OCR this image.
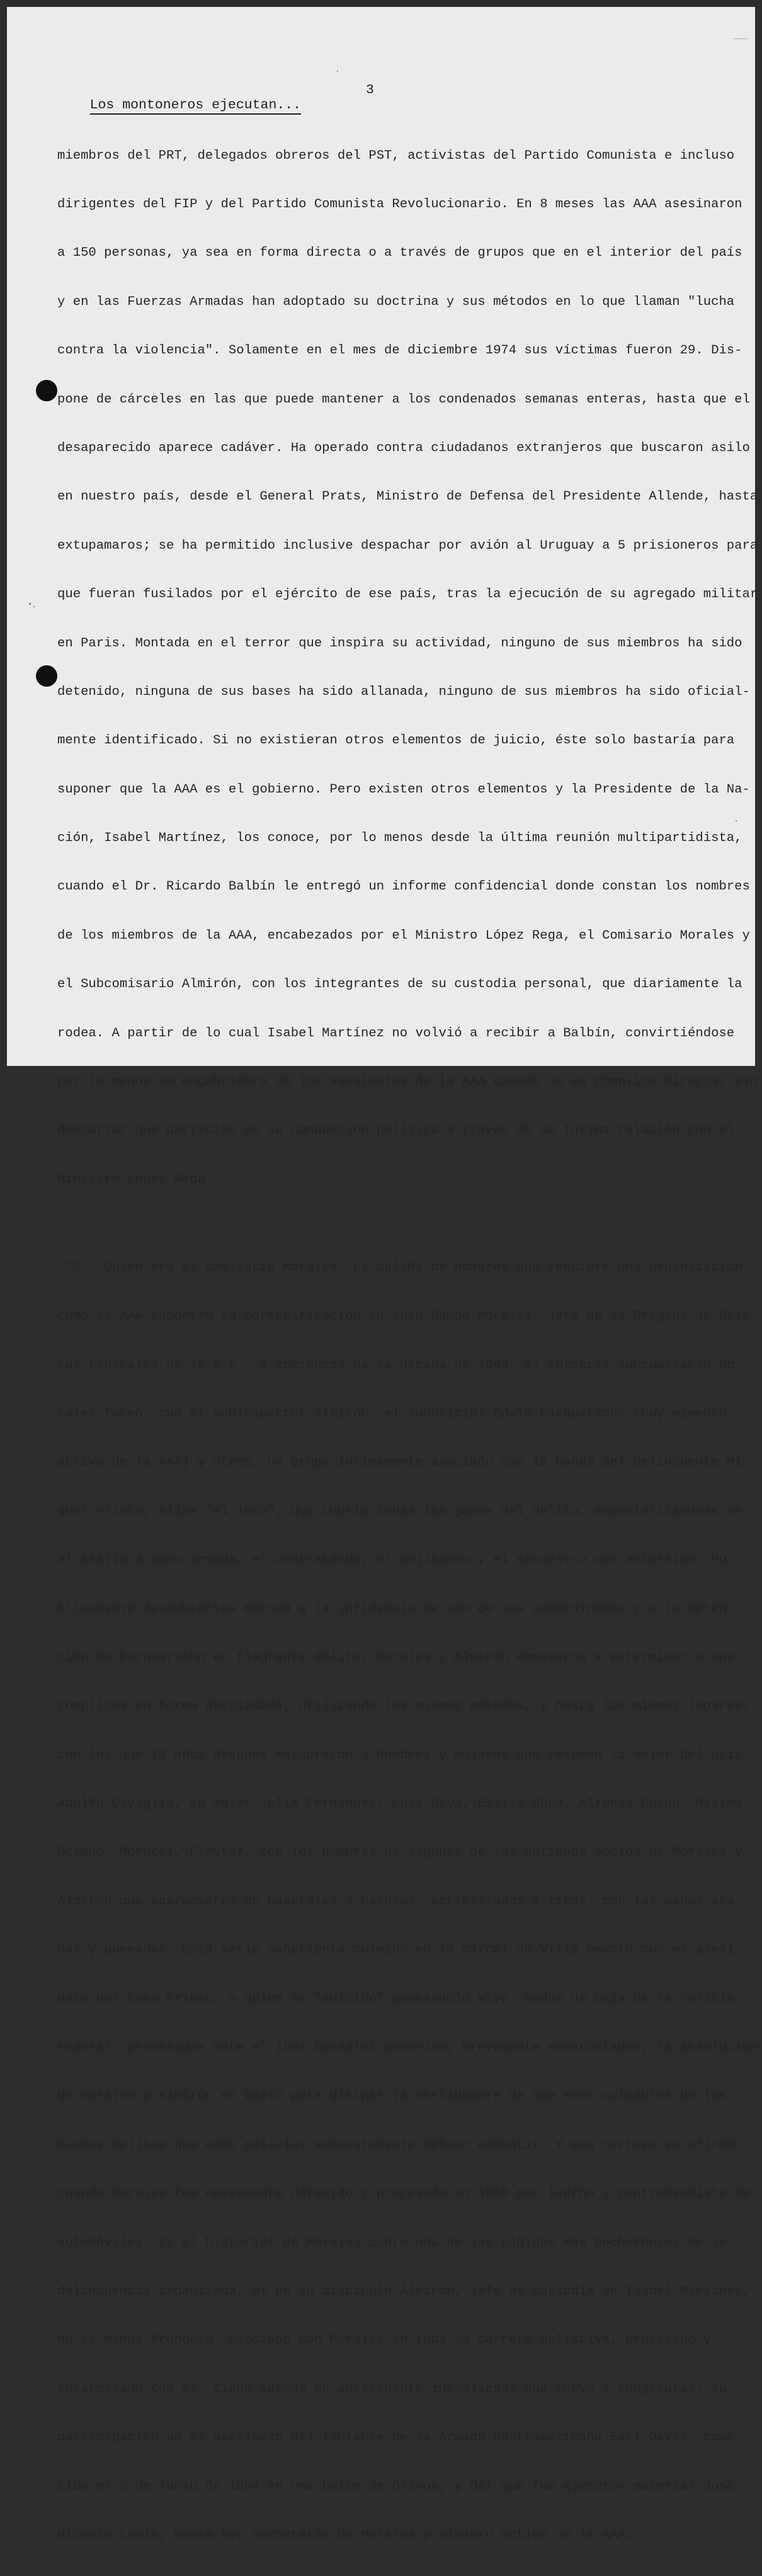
Los montoneros ejecutan...

3

miembros del PRT, delegados obreros del PST, activistas del Partido Comunista e incluso

dirigentes del FIP y del Partido Comunista Revolucionario. En 8 meses las AAA asesinaron

a 150 personas, ya sea en forma directa o a través de grupos que en el interior del país

y en las Fuerzas Armadas han adoptado su doctrina y sus métodos en lo que llaman "lucha

contra la violencia". Solamente en el mes de diciembre 1974 sus víctimas fueron 29. Dis-

pone de cárceles en las que puede mantener a los condenados semanas enteras, hasta que el

desaparecido aparece cadáver. Ha operado contra ciudadanos extranjeros que buscaron asilo

en nuestro país, desde el General Prats, Ministro de Defensa del Presidente Allende, hasta

extupamaros; se ha permitido inclusive despachar por avión al Uruguay a 5 prisioneros para

que fueran fusilados por el ejército de ese país, tras la ejecución de su agregado militar

en Paris. Montada en el terror que inspira su actividad, ninguno de sus miembros ha sido

detenido, ninguna de sus bases ha sido allanada, ninguno de sus miembros ha sido oficial-

mente identificado. Si no existieran otros elementos de juicio, éste solo bastaría para

suponer que la AAA es el gobierno. Pero existen otros elementos y la Presidente de la Na-

ción, Isabel Martínez, los conoce, por lo menos desde la última reunión multipartidista,

cuando el Dr. Ricardo Balbín le entregó un informe confidencial donde constan los nombres

de los miembros de la AAA, encabezados por el Ministro López Rega, el Comisario Morales y

el Subcomisario Almirón, con los integrantes de su custodia personal, que diariamente la

rodea. A partir de lo cual Isabel Martínez no volvió a recibir a Balbín, convirtiéndose

por lo menos en encubridora de los asesinatos de la AAA cuando no en cómplice directa, sin

descartar que participe en su conducción política a través de su íntima relación con el

Ministro López Rega.

"6 - Quién era el comisario Morales: La calaña de hombres que requiere una organización

como la AAA encontró su personificación en Juan Ramón Morales. Jefe de la Brigada de Deli-

tos Federales de la P.F., a comienzos de la década de 1960, el entonces subcomisario Mo-

rales formó, con el subinspector Almirón, el suboficial Edwin Farquarsohn (hoy miembro

activo de la AAA) y otros, un grupo íntimamente asociado con la banda del delincuente Mi-

guel Prieto, alias "el loco", que cubría todas las gamas del delito, especializándose en

el asalto a mano armada, el contrabando, el mejicaneo y el secuestro con extorsión. Pú-

blicamente descubiertos merced a la infidencia de uno de sus subordinados y a la deten-

ción de Farquarsohn en flagrante delito, Morales y Almirón empezaron a exterminar a sus

cómplices en forma despiadada, utilizando los mismos métodos, y hasta los mismos lugares,

con los que 10 años después masacraron a hombres y mujeres que resumen lo mejor del país.

Adolfo Caviglia, su mujer Julia Fernández, Luis Bayo, Emilio Abud, Alfonso Guido, Máximo

Ocampo, Morucci, Fleytas, son los nombres de algunos de los antiguos socios de Morales y

Almirón que aparecieron en basurales y baldíos, acribillados a tiros, con las manos ata-

das y quemadas. Esta serie sangrienta culminó en la cárcel de Villa Devoto con el asesi-

nato del Loco Prieto, a quien se "suicidó" quemándolo vivo. Dados de baja de la Policía

Federal, procesados ante el juez González Bonorino, brevemente encarcelados, la absolución

de Morales y Almirón no bastó para disipar la certidumbre de que eran culpables de los

mismos delitos que como policías supuestamente debían combatir. Y esa certeza se afirmó

cuando Morales fue nuevamente detenido y procesado en 1968 por ladrón y contrabandista de

automóviles. Si el historial de Morales cubre una de las páginas más bochornosas de la

delincuencia organizada, el de su discípulo Almirón, jefe de custodia de Isabel Martínez,

no es menos frondoso. Asociado con Morales en toda su carrera delictiva, procesado y

encarcelado con él, tiene además un antecedente inexplicado que mueve a conjeturas: su

participación en el asesinato del Teniente de la Armada norteamericana Earl Davis, come-

tido el 9 de junio de 1964 en una boite de Olivos, y del que fue ejecutor material José

Vicente Lavia, hasta hoy secretario de Morales y miembro activo de la AAA.
